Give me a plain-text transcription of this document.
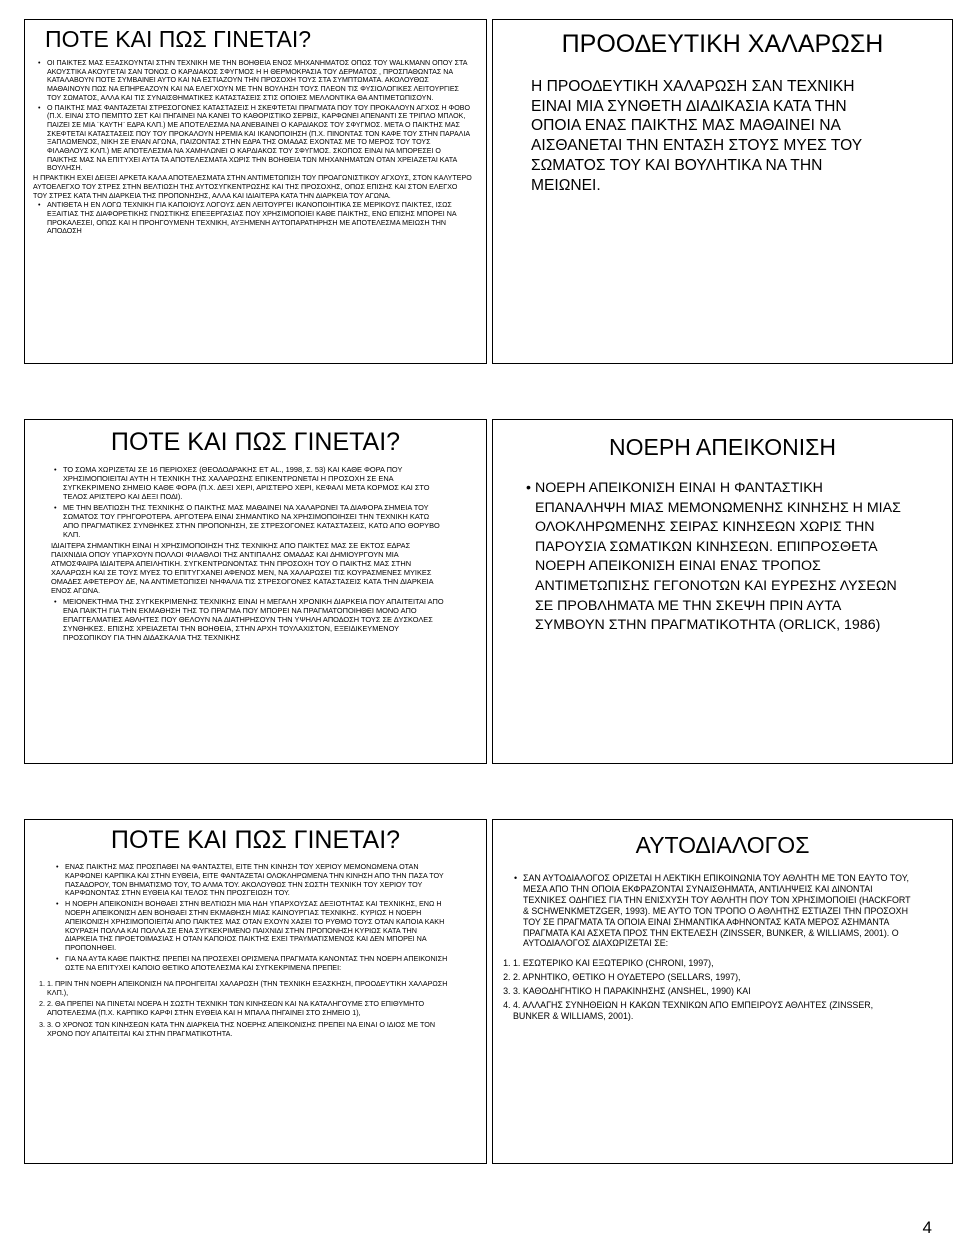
ΠΟΤΕ ΚΑΙ ΠΩΣ ΓΙΝΕΤΑΙ?
• ΟΙ ΠΑΙΚΤΕΣ ΜΑΣ ΕΞΑΣΚΟΥΝΤΑΙ ΣΤΗΝ ΤΕΧΝΙΚΗ ΜΕ ΤΗΝ ΒΟΗΘΕΙΑ ΕΝΟΣ ΜΗΧΑΝΗΜΑΤΟΣ ΟΠΩΣ ΤΟΥ WALKMANN ΟΠΟΥ ΣΤΑ ΑΚΟΥΣΤΙΚΑ ΑΚΟΥΓΕΤΑΙ ΣΑΝ ΤΟΝΟΣ Ο ΚΑΡ∆ΙΑΚΟΣ ΣΦΥΓΜΟΣ Η Η ΘΕΡΜΟΚΡΑΣΙΑ ΤΟΥ ∆ΕΡΜΑΤΟΣ , ΠΡΟΣΠΑΘΩΝΤΑΣ ΝΑ ΚΑΤΑΛΑΒΟΥΝ ΠΟΤΕ ΣΥΜΒΑΙΝΕΙ ΑΥΤΟ ΚΑΙ ΝΑ ΕΣΤΙΑΖΟΥΝ ΤΗΝ ΠΡΟΣΟΧΗ ΤΟΥΣ ΣΤΑ ΣΥΜΠΤΩΜΑΤΑ. ΑΚΟΛΟΥΘΩΣ ΜΑΘΑΙΝΟΥΝ ΠΩΣ ΝΑ ΕΠΗΡΕΑΖΟΥΝ ΚΑΙ ΝΑ ΕΛΕΓΧΟΥΝ ΜΕ ΤΗΝ ΒΟΥΛΗΣΗ ΤΟΥΣ ΠΛΕΟΝ ΤΙΣ ΦΥΣΙΟΛΟΓΙΚΕΣ ΛΕΙΤΟΥΡΓΙΕΣ ΤΟΥ ΣΩΜΑΤΟΣ, ΑΛΛΑ ΚΑΙ ΤΙΣ ΣΥΝΑΙΣΘΗΜΑΤΙΚΕΣ ΚΑΤΑΣΤΑΣΕΙΣ ΣΤΙΣ ΟΠΟΙΕΣ ΜΕΛΛΟΝΤΙΚΑ ΘΑ ΑΝΤΙΜΕΤΩΠΙΣΟΥΝ.
• Ο ΠΑΙΚΤΗΣ ΜΑΣ ΦΑΝΤΑΖΕΤΑΙ ΣΤΡΕΣΟΓΟΝΕΣ ΚΑΤΑΣΤΑΣΕΙΣ Η ΣΚΕΦΤΕΤΑΙ ΠΡΑΓΜΑΤΑ ΠΟΥ ΤΟΥ ΠΡΟΚΑΛΟΥΝ ΑΓΧΟΣ Η ΦΟΒΟ (Π.Χ. ΕΙΝΑΙ ΣΤΟ ΠΕΜΠΤΟ ΣΕΤ ΚΑΙ ΠΗΓΑΙΝΕΙ ΝΑ ΚΑΝΕΙ ΤΟ ΚΑΘΟΡΙΣΤΙΚΟ ΣΕΡΒΙΣ, ΚΑΡΦΩΝΕΙ ΑΠΕΝΑΝΤΙ ΣΕ ΤΡΙΠΛΟ ΜΠΛΟΚ, ΠΑΙΖΕΙ ΣΕ ΜΙΑ ¨ΚΑΥΤΗ¨ Ε∆ΡΑ ΚΛΠ.) ΜΕ ΑΠΟΤΕΛΕΣΜΑ ΝΑ ΑΝΕΒΑΙΝΕΙ Ο ΚΑΡ∆ΙΑΚΟΣ ΤΟΥ ΣΦΥΓΜΟΣ. ΜΕΤΑ Ο ΠΑΙΚΤΗΣ ΜΑΣ ΣΚΕΦΤΕΤΑΙ ΚΑΤΑΣΤΑΣΕΙΣ ΠΟΥ ΤΟΥ ΠΡΟΚΑΛΟΥΝ ΗΡΕΜΙΑ ΚΑΙ ΙΚΑΝΟΠΟΙΗΣΗ (Π.Χ. ΠΙΝΟΝΤΑΣ ΤΟΝ ΚΑΦΕ ΤΟΥ ΣΤΗΝ ΠΑΡΑΛΙΑ ΞΑΠΛΩΜΕΝΟΣ, ΝΙΚΗ ΣΕ ΕΝΑΝ ΑΓΩΝΑ, ΠΑΙΖΟΝΤΑΣ ΣΤΗΝ Ε∆ΡΑ ΤΗΣ ΟΜΑ∆ΑΣ ΕΧΟΝΤΑΣ ΜΕ ΤΟ ΜΕΡΟΣ ΤΟΥ ΤΟΥΣ ΦΙΛΑΘΛΟΥΣ ΚΛΠ.) ΜΕ ΑΠΟΤΕΛΕΣΜΑ ΝΑ ΧΑΜΗΛΩΝΕΙ Ο ΚΑΡ∆ΙΑΚΟΣ ΤΟΥ ΣΦΥΓΜΟΣ. ΣΚΟΠΟΣ ΕΙΝΑΙ ΝΑ ΜΠΟΡΕΣΕΙ Ο ΠΑΙΚΤΗΣ ΜΑΣ ΝΑ ΕΠΙΤΥΧΕΙ ΑΥΤΑ ΤΑ ΑΠΟΤΕΛΕΣΜΑΤΑ ΧΩΡΙΣ ΤΗΝ ΒΟΗΘΕΙΑ ΤΩΝ ΜΗΧΑΝΗΜΑΤΩΝ ΟΤΑΝ ΧΡΕΙΑΖΕΤΑΙ ΚΑΤΑ ΒΟΥΛΗΣΗ.
Η ΠΡΑΚΤΙΚΗ ΕΧΕΙ ∆ΕΙΞΕΙ ΑΡΚΕΤΑ ΚΑΛΑ ΑΠΟΤΕΛΕΣΜΑΤΑ ΣΤΗΝ ΑΝΤΙΜΕΤΩΠΙΣΗ ΤΟΥ ΠΡΟΑΓΩΝΙΣΤΙΚΟΥ ΑΓΧΟΥΣ, ΣΤΟΝ ΚΑΛΥΤΕΡΟ ΑΥΤΟΕΛΕΓΧΟ ΤΟΥ ΣΤΡΕΣ ΣΤΗΝ ΒΕΛΤΙΩΣΗ ΤΗΣ ΑΥΤΟΣΥΓΚΕΝΤΡΩΣΗΣ ΚΑΙ ΤΗΣ ΠΡΟΣΟΧΗΣ, ΟΠΩΣ ΕΠΙΣΗΣ ΚΑΙ ΣΤΟΝ ΕΛΕΓΧΟ ΤΟΥ ΣΤΡΕΣ ΚΑΤΑ ΤΗΝ ∆ΙΑΡΚΕΙΑ ΤΗΣ ΠΡΟΠΟΝΗΣΗΣ, ΑΛΛΑ ΚΑΙ Ι∆ΙΑΙΤΕΡΑ ΚΑΤΑ ΤΗΝ ∆ΙΑΡΚΕΙΑ ΤΟΥ ΑΓΩΝΑ.
• ΑΝΤΙΘΕΤΑ Η ΕΝ ΛΟΓΩ ΤΕΧΝΙΚΗ ΓΙΑ ΚΑΠΟΙΟΥΣ ΛΟΓΟΥΣ ∆ΕΝ ΛΕΙΤΟΥΡΓΕΙ ΙΚΑΝΟΠΟΙΗΤΙΚΑ ΣΕ ΜΕΡΙΚΟΥΣ ΠΑΙΚΤΕΣ, ΙΣΩΣ ΕΞΑΙΤΙΑΣ ΤΗΣ ∆ΙΑΦΟΡΕΤΙΚΗΣ ΓΝΩΣΤΙΚΗΣ ΕΠΕΞΕΡΓΑΣΙΑΣ ΠΟΥ ΧΡΗΣΙΜΟΠΟΙΕΙ ΚΑΘΕ ΠΑΙΚΤΗΣ, ΕΝΩ ΕΠΙΣΗΣ ΜΠΟΡΕΙ ΝΑ ΠΡΟΚΑΛΕΣΕΙ, ΟΠΩΣ ΚΑΙ Η ΠΡΟΗΓΟΥΜΕΝΗ ΤΕΧΝΙΚΗ, ΑΥΞΗΜΕΝΗ ΑΥΤΟΠΑΡΑΤΗΡΗΣΗ ΜΕ ΑΠΟΤΕΛΕΣΜΑ ΜΕΙΩΣΗ ΤΗΝ ΑΠΟ∆ΟΣΗ
ΠΡΟΟ∆ΕΥΤΙΚΗ ΧΑΛΑΡΩΣΗ
Η ΠΡΟΟ∆ΕΥΤΙΚΗ ΧΑΛΑΡΩΣΗ ΣΑΝ ΤΕΧΝΙΚΗ ΕΙΝΑΙ ΜΙΑ ΣΥΝΘΕΤΗ ∆ΙΑ∆ΙΚΑΣΙΑ ΚΑΤΑ ΤΗΝ ΟΠΟΙΑ ΕΝΑΣ ΠΑΙΚΤΗΣ ΜΑΣ ΜΑΘΑΙΝΕΙ ΝΑ ΑΙΣΘΑΝΕΤΑΙ ΤΗΝ ΕΝΤΑΣΗ ΣΤΟΥΣ ΜΥΕΣ ΤΟΥ ΣΩΜΑΤΟΣ ΤΟΥ ΚΑΙ ΒΟΥΛΗΤΙΚΑ ΝΑ ΤΗΝ ΜΕΙΩΝΕΙ.
ΠΟΤΕ ΚΑΙ ΠΩΣ ΓΙΝΕΤΑΙ?
• ΤΟ ΣΩΜΑ ΧΩΡΙΖΕΤΑΙ ΣΕ 16 ΠΕΡΙΟΧΕΣ (ΘΕΟ∆Ο∆ΡΑΚΗΣ ΕΤ AL., 1998, Σ. 53) ΚΑΙ ΚΑΘΕ ΦΟΡΑ ΠΟΥ ΧΡΗΣΙΜΟΠΟΙΕΙΤΑΙ ΑΥΤΗ Η ΤΕΧΝΙΚΗ ΤΗΣ ΧΑΛΑΡΩΣΗΣ ΕΠΙΚΕΝΤΡΩΝΕΤΑΙ Η ΠΡΟΣΟΧΗ ΣΕ ΕΝΑ ΣΥΓΚΕΚΡΙΜΕΝΟ ΣΗΜΕΙΟ ΚΑΘΕ ΦΟΡΑ (Π.Χ. ∆ΕΞΙ ΧΕΡΙ, ΑΡΙΣΤΕΡΟ ΧΕΡΙ, ΚΕΦΑΛΙ ΜΕΤΑ ΚΟΡΜΟΣ ΚΑΙ ΣΤΟ ΤΕΛΟΣ ΑΡΙΣΤΕΡΟ ΚΑΙ ∆ΕΞΙ ΠΟ∆Ι).
• ΜΕ ΤΗΝ ΒΕΛΤΙΩΣΗ ΤΗΣ ΤΕΧΝΙΚΗΣ Ο ΠΑΙΚΤΗΣ ΜΑΣ ΜΑΘΑΙΝΕΙ ΝΑ ΧΑΛΑΡΩΝΕΙ ΤΑ ∆ΙΑΦΟΡΑ ΣΗΜΕΙΑ ΤΟΥ ΣΩΜΑΤΟΣ ΤΟΥ ΓΡΗΓΟΡΟΤΕΡΑ. ΑΡΓΟΤΕΡΑ ΕΙΝΑΙ ΣΗΜΑΝΤΙΚΟ ΝΑ ΧΡΗΣΙΜΟΠΟΙΗΣΕΙ ΤΗΝ ΤΕΧΝΙΚΗ ΚΑΤΩ ΑΠΟ ΠΡΑΓΜΑΤΙΚΕΣ ΣΥΝΘΗΚΕΣ ΣΤΗΝ ΠΡΟΠΟΝΗΣΗ, ΣΕ ΣΤΡΕΣΟΓΟΝΕΣ ΚΑΤΑΣΤΑΣΕΙΣ, ΚΑΤΩ ΑΠΟ ΘΟΡΥΒΟ ΚΛΠ.
Ι∆ΙΑΙΤΕΡΑ ΣΗΜΑΝΤΙΚΗ ΕΙΝΑΙ Η ΧΡΗΣΙΜΟΠΟΙΗΣΗ ΤΗΣ ΤΕΧΝΙΚΗΣ ΑΠΟ ΠΑΙΚΤΕΣ ΜΑΣ ΣΕ ΕΚΤΟΣ Ε∆ΡΑΣ ΠΑΙΧΝΙ∆ΙΑ ΟΠΟΥ ΥΠΑΡΧΟΥΝ ΠΟΛΛΟΙ ΦΙΛΑΘΛΟΙ ΤΗΣ ΑΝΤΙΠΑΛΗΣ ΟΜΑ∆ΑΣ ΚΑΙ ∆ΗΜΙΟΥΡΓΟΥΝ ΜΙΑ ΑΤΜΟΣΦΑΙΡΑ Ι∆ΙΑΙΤΕΡΑ ΑΠΕΙΛΗΤΙΚΗ. ΣΥΓΚΕΝΤΡΩΝΟΝΤΑΣ ΤΗΝ ΠΡΟΣΟΧΗ ΤΟΥ Ο ΠΑΙΚΤΗΣ ΜΑΣ ΣΤΗΝ ΧΑΛΑΡΩΣΗ ΚΑΙ ΣΕ ΤΟΥΣ ΜΥΕΣ ΤΟ ΕΠΙΤΥΓΧΑΝΕΙ ΑΦΕΝΟΣ ΜΕΝ, ΝΑ ΧΑΛΑΡΩΣΕΙ ΤΙΣ ΚΟΥΡΑΣΜΕΝΕΣ ΜΥΙΚΕΣ ΟΜΑ∆ΕΣ ΑΦΕΤΕΡΟΥ ∆Ε, ΝΑ ΑΝΤΙΜΕΤΩΠΙΣΕΙ ΝΗΦΑΛΙΑ ΤΙΣ ΣΤΡΕΣΟΓΟΝΕΣ ΚΑΤΑΣΤΑΣΕΙΣ ΚΑΤΑ ΤΗΝ ∆ΙΑΡΚΕΙΑ ΕΝΟΣ ΑΓΩΝΑ.
• ΜΕΙΟΝΕΚΤΗΜΑ ΤΗΣ ΣΥΓΚΕΚΡΙΜΕΝΗΣ ΤΕΧΝΙΚΗΣ ΕΙΝΑΙ Η ΜΕΓΑΛΗ ΧΡΟΝΙΚΗ ∆ΙΑΡΚΕΙΑ ΠΟΥ ΑΠΑΙΤΕΙΤΑΙ ΑΠΟ ΕΝΑ ΠΑΙΚΤΗ ΓΙΑ ΤΗΝ ΕΚΜΑΘΗΣΗ ΤΗΣ ΤΟ ΠΡΑΓΜΑ ΠΟΥ ΜΠΟΡΕΙ ΝΑ ΠΡΑΓΜΑΤΟΠΟΙΗΘΕΙ ΜΟΝΟ ΑΠΟ ΕΠΑΓΓΕΛΜΑΤΙΕΣ ΑΘΛΗΤΕΣ ΠΟΥ ΘΕΛΟΥΝ ΝΑ ∆ΙΑΤΗΡΗΣΟΥΝ ΤΗΝ ΥΨΗΛΗ ΑΠΟ∆ΟΣΗ ΤΟΥΣ ΣΕ ∆ΥΣΚΟΛΕΣ ΣΥΝΘΗΚΕΣ. ΕΠΙΣΗΣ ΧΡΕΙΑΖΕΤΑΙ ΤΗΝ ΒΟΗΘΕΙΑ, ΣΤΗΝ ΑΡΧΗ ΤΟΥΛΑΧΙΣΤΟΝ, ΕΞΕΙ∆ΙΚΕΥΜΕΝΟΥ ΠΡΟΣΩΠΙΚΟΥ ΓΙΑ ΤΗΝ ∆Ι∆ΑΣΚΑΛΙΑ ΤΗΣ ΤΕΧΝΙΚΗΣ
ΝΟΕΡΗ ΑΠΕΙΚΟΝΙΣΗ
• ΝΟΕΡΗ ΑΠΕΙΚΟΝΙΣΗ ΕΙΝΑΙ Η ΦΑΝΤΑΣΤΙΚΗ ΕΠΑΝΑΛΗΨΗ ΜΙΑΣ ΜΕΜΟΝΩΜΕΝΗΣ ΚΙΝΗΣΗΣ Η ΜΙΑΣ ΟΛΟΚΛΗΡΩΜΕΝΗΣ ΣΕΙΡΑΣ ΚΙΝΗΣΕΩΝ ΧΩΡΙΣ ΤΗΝ ΠΑΡΟΥΣΙΑ ΣΩΜΑΤΙΚΩΝ ΚΙΝΗΣΕΩΝ. ΕΠΙΠΡΟΣΘΕΤΑ ΝΟΕΡΗ ΑΠΕΙΚΟΝΙΣΗ ΕΙΝΑΙ ΕΝΑΣ ΤΡΟΠΟΣ ΑΝΤΙΜΕΤΩΠΙΣΗΣ ΓΕΓΟΝΟΤΩΝ ΚΑΙ ΕΥΡΕΣΗΣ ΛΥΣΕΩΝ ΣΕ ΠΡΟΒΛΗΜΑΤΑ ΜΕ ΤΗΝ ΣΚΕΨΗ ΠΡΙΝ ΑΥΤΑ ΣΥΜΒΟΥΝ ΣΤΗΝ ΠΡΑΓΜΑΤΙΚΟΤΗΤΑ (ORLICK, 1986)
ΠΟΤΕ ΚΑΙ ΠΩΣ ΓΙΝΕΤΑΙ?
• ΕΝΑΣ ΠΑΙΚΤΗΣ ΜΑΣ ΠΡΟΣΠΑΘΕΙ ΝΑ ΦΑΝΤΑΣΤΕΙ, ΕΙΤΕ ΤΗΝ ΚΙΝΗΣΗ ΤΟΥ ΧΕΡΙΟΥ ΜΕΜΟΝΩΜΕΝΑ ΟΤΑΝ ΚΑΡΦΩΝΕΙ ΚΑΡΠΙΚΑ ΚΑΙ ΣΤΗΝ ΕΥΘΕΙΑ, ΕΙΤΕ ΦΑΝΤΑΖΕΤΑΙ ΟΛΟΚΛΗΡΩΜΕΝΑ ΤΗΝ ΚΙΝΗΣΗ ΑΠΟ ΤΗΝ ΠΑΣΑ ΤΟΥ ΠΑΣΑ∆ΟΡΟΥ, ΤΟΝ ΒΗΜΑΤΙΣΜΟ ΤΟΥ, ΤΟ ΑΛΜΑ ΤΟΥ. ΑΚΟΛΟΥΘΩΣ ΤΗΝ ΣΩΣΤΗ ΤΕΧΝΙΚΗ ΤΟΥ ΧΕΡΙΟΥ ΤΟΥ ΚΑΡΦΩΝΟΝΤΑΣ ΣΤΗΝ ΕΥΘΕΙΑ ΚΑΙ ΤΕΛΟΣ ΤΗΝ ΠΡΟΣΓΕΙΩΣΗ ΤΟΥ.
• Η ΝΟΕΡΗ ΑΠΕΙΚΟΝΙΣΗ ΒΟΗΘΑΕΙ ΣΤΗΝ ΒΕΛΤΙΩΣΗ ΜΙΑ ΗΔΗ ΥΠΑΡΧΟΥΣΑΣ ∆ΕΞΙΟΤΗΤΑΣ ΚΑΙ ΤΕΧΝΙΚΗΣ, ΕΝΩ Η ΝΟΕΡΗ ΑΠΕΙΚΟΝΙΣΗ ∆ΕΝ ΒΟΗΘΑΕΙ ΣΤΗΝ ΕΚΜΑΘΗΣΗ ΜΙΑΣ ΚΑΙΝΟΥΡΓΙΑΣ ΤΕΧΝΙΚΗΣ. ΚΥΡΙΩΣ Η ΝΟΕΡΗ ΑΠΕΙΚΟΝΙΣΗ ΧΡΗΣΙΜΟΠΟΙΕΙΤΑΙ ΑΠΟ ΠΑΙΚΤΕΣ ΜΑΣ ΟΤΑΝ ΕΧΟΥΝ ΧΑΣΕΙ ΤΟ ΡΥΘΜΟ ΤΟΥΣ ΟΤΑΝ ΚΑΠΟΙΑ ΚΑΚΗ ΚΟΥΡΑΣΗ ΠΟΛΛΑ ΚΑΙ ΠΟΛΛΑ ΣΕ ΕΝΑ ΣΥΓΚΕΚΡΙΜΕΝΟ ΠΑΙΧΝΙ∆Ι ΣΤΗΝ ΠΡΟΠΟΝΗΣΗ ΚΥΡΙΩΣ ΚΑΤΑ ΤΗΝ ∆ΙΑΡΚΕΙΑ ΤΗΣ ΠΡΟΕΤΟΙΜΑΣΙΑΣ Η ΟΤΑΝ ΚΑΠΟΙΟΣ ΠΑΙΚΤΗΣ ΕΧΕΙ ΤΡΑΥΜΑΤΙΣΜΕΝΟΣ ΚΑΙ ∆ΕΝ ΜΠΟΡΕΙ ΝΑ ΠΡΟΠΟΝΗΘΕΙ.
• ΓΙΑ ΝΑ ΑΥΤΑ ΚΑΘΕ ΠΑΙΚΤΗΣ ΠΡΕΠΕΙ ΝΑ ΠΡΟΣΕΧΕΙ ΟΡΙΣΜΕΝΑ ΠΡΑΓΜΑΤΑ ΚΑΝΟΝΤΑΣ ΤΗΝ ΝΟΕΡΗ ΑΠΕΙΚΟΝΙΣΗ ΩΣΤΕ ΝΑ ΕΠΙΤΥΧΕΙ ΚΑΠΟΙΟ ΘΕΤΙΚΟ ΑΠΟΤΕΛΕΣΜΑ ΚΑΙ ΣΥΓΚΕΚΡΙΜΕΝΑ ΠΡΕΠΕΙ:
1. 1. ΠΡΙΝ ΤΗΝ ΝΟΕΡΗ ΑΠΕΙΚΟΝΙΣΗ ΝΑ ΠΡΟΗΓΕΙΤΑΙ ΧΑΛΑΡΩΣΗ (ΤΗΝ ΤΕΧΝΙΚΗ ΕΞΑΣΚΗΣΗ, ΠΡΟΟ∆ΕΥΤΙΚΗ ΧΑΛΑΡΩΣΗ ΚΛΠ.),
2. 2. ΘΑ ΠΡΕΠΕΙ ΝΑ ΠΙΝΕΤΑΙ ΝΟΕΡΑ Η ΣΩΣΤΗ ΤΕΧΝΙΚΗ ΤΩΝ ΚΙΝΗΣΕΩΝ ΚΑΙ ΝΑ ΚΑΤΑΛΗΓΟΥΜΕ ΣΤΟ ΕΠΙΘΥΜΗΤΟ ΑΠΟΤΕΛΕΣΜΑ (Π.Χ. ΚΑΡΠΙΚΟ ΚΑΡΦΙ ΣΤΗΝ ΕΥΘΕΙΑ ΚΑΙ Η ΜΠΑΛΑ ΠΗΓΑΙΝΕΙ ΣΤΟ ΣΗΜΕΙΟ 1),
3. 3. Ο ΧΡΟΝΟΣ ΤΩΝ ΚΙΝΗΣΕΩΝ ΚΑΤΑ ΤΗΝ ∆ΙΑΡΚΕΙΑ ΤΗΣ ΝΟΕΡΗΣ ΑΠΕΙΚΟΝΙΣΗΣ ΠΡΕΠΕΙ ΝΑ ΕΙΝΑΙ Ο Ι∆ΙΟΣ ΜΕ ΤΟΝ ΧΡΟΝΟ ΠΟΥ ΑΠΑΙΤΕΙΤΑΙ ΚΑΙ ΣΤΗΝ ΠΡΑΓΜΑΤΙΚΟΤΗΤΑ.
ΑΥΤΟ∆ΙΑΛΟΓΟΣ
• ΣΑΝ ΑΥΤΟ∆ΙΑΛΟΓΟΣ ΟΡΙΖΕΤΑΙ Η ΛΕΚΤΙΚΗ ΕΠΙΚΟΙΝΩΝΙΑ ΤΟΥ ΑΘΛΗΤΗ ΜΕ ΤΟΝ ΕΑΥΤΟ ΤΟΥ, ΜΕΣΑ ΑΠΟ ΤΗΝ ΟΠΟΙΑ ΕΚΦΡΑΖΟΝΤΑΙ ΣΥΝΑΙΣΘΗΜΑΤΑ, ΑΝΤΙΛΗΨΕΙΣ ΚΑΙ ∆ΙΝΟΝΤΑΙ ΤΕΧΝΙΚΕΣ Ο∆ΗΓΙΕΣ ΓΙΑ ΤΗΝ ΕΝΙΣΧΥΣΗ ΤΟΥ ΑΘΛΗΤΗ ΠΟΥ ΤΟΝ ΧΡΗΣΙΜΟΠΟΙΕΙ (HACKFORT & SCHWENKMETZGER, 1993). ΜΕ ΑΥΤΟ ΤΟΝ ΤΡΟΠΟ Ο ΑΘΛΗΤΗΣ ΕΣΤΙΑΖΕΙ ΤΗΝ ΠΡΟΣΟΧΗ ΤΟΥ ΣΕ ΠΡΑΓΜΑΤΑ ΤΑ ΟΠΟΙΑ ΕΙΝΑΙ ΣΗΜΑΝΤΙΚΑ ΑΦΗΝΟΝΤΑΣ ΚΑΤΑ ΜΕΡΟΣ ΑΣΗΜΑΝΤΑ ΠΡΑΓΜΑΤΑ ΚΑΙ ΑΣΧΕΤΑ ΠΡΟΣ ΤΗΝ ΕΚΤΕΛΕΣΗ (ZINSSER, BUNKER, & WILLIAMS, 2001). Ο ΑΥΤΟ∆ΙΑΛΟΓΟΣ ∆ΙΑΧΩΡΙΖΕΤΑΙ ΣΕ:
1. 1. ΕΣΩΤΕΡΙΚΟ ΚΑΙ ΕΞΩΤΕΡΙΚΟ (CHRONI, 1997),
2. 2. ΑΡΝΗΤΙΚΟ, ΘΕΤΙΚΟ Η ΟΥ∆ΕΤΕΡΟ (SELLARS, 1997),
3. 3. ΚΑΘΟ∆ΗΓΗΤΙΚΟ Η ΠΑΡΑΚΙΝΗΣΗΣ (ANSHEL, 1990) ΚΑΙ
4. 4. ΑΛΛΑΓΗΣ ΣΥΝΗΘΕΙΩΝ Η ΚΑΚΩΝ ΤΕΧΝΙΚΩΝ ΑΠΟ ΕΜΠΕΙΡΟΥΣ ΑΘΛΗΤΕΣ (ZINSSER, BUNKER & WILLIAMS, 2001).
4
